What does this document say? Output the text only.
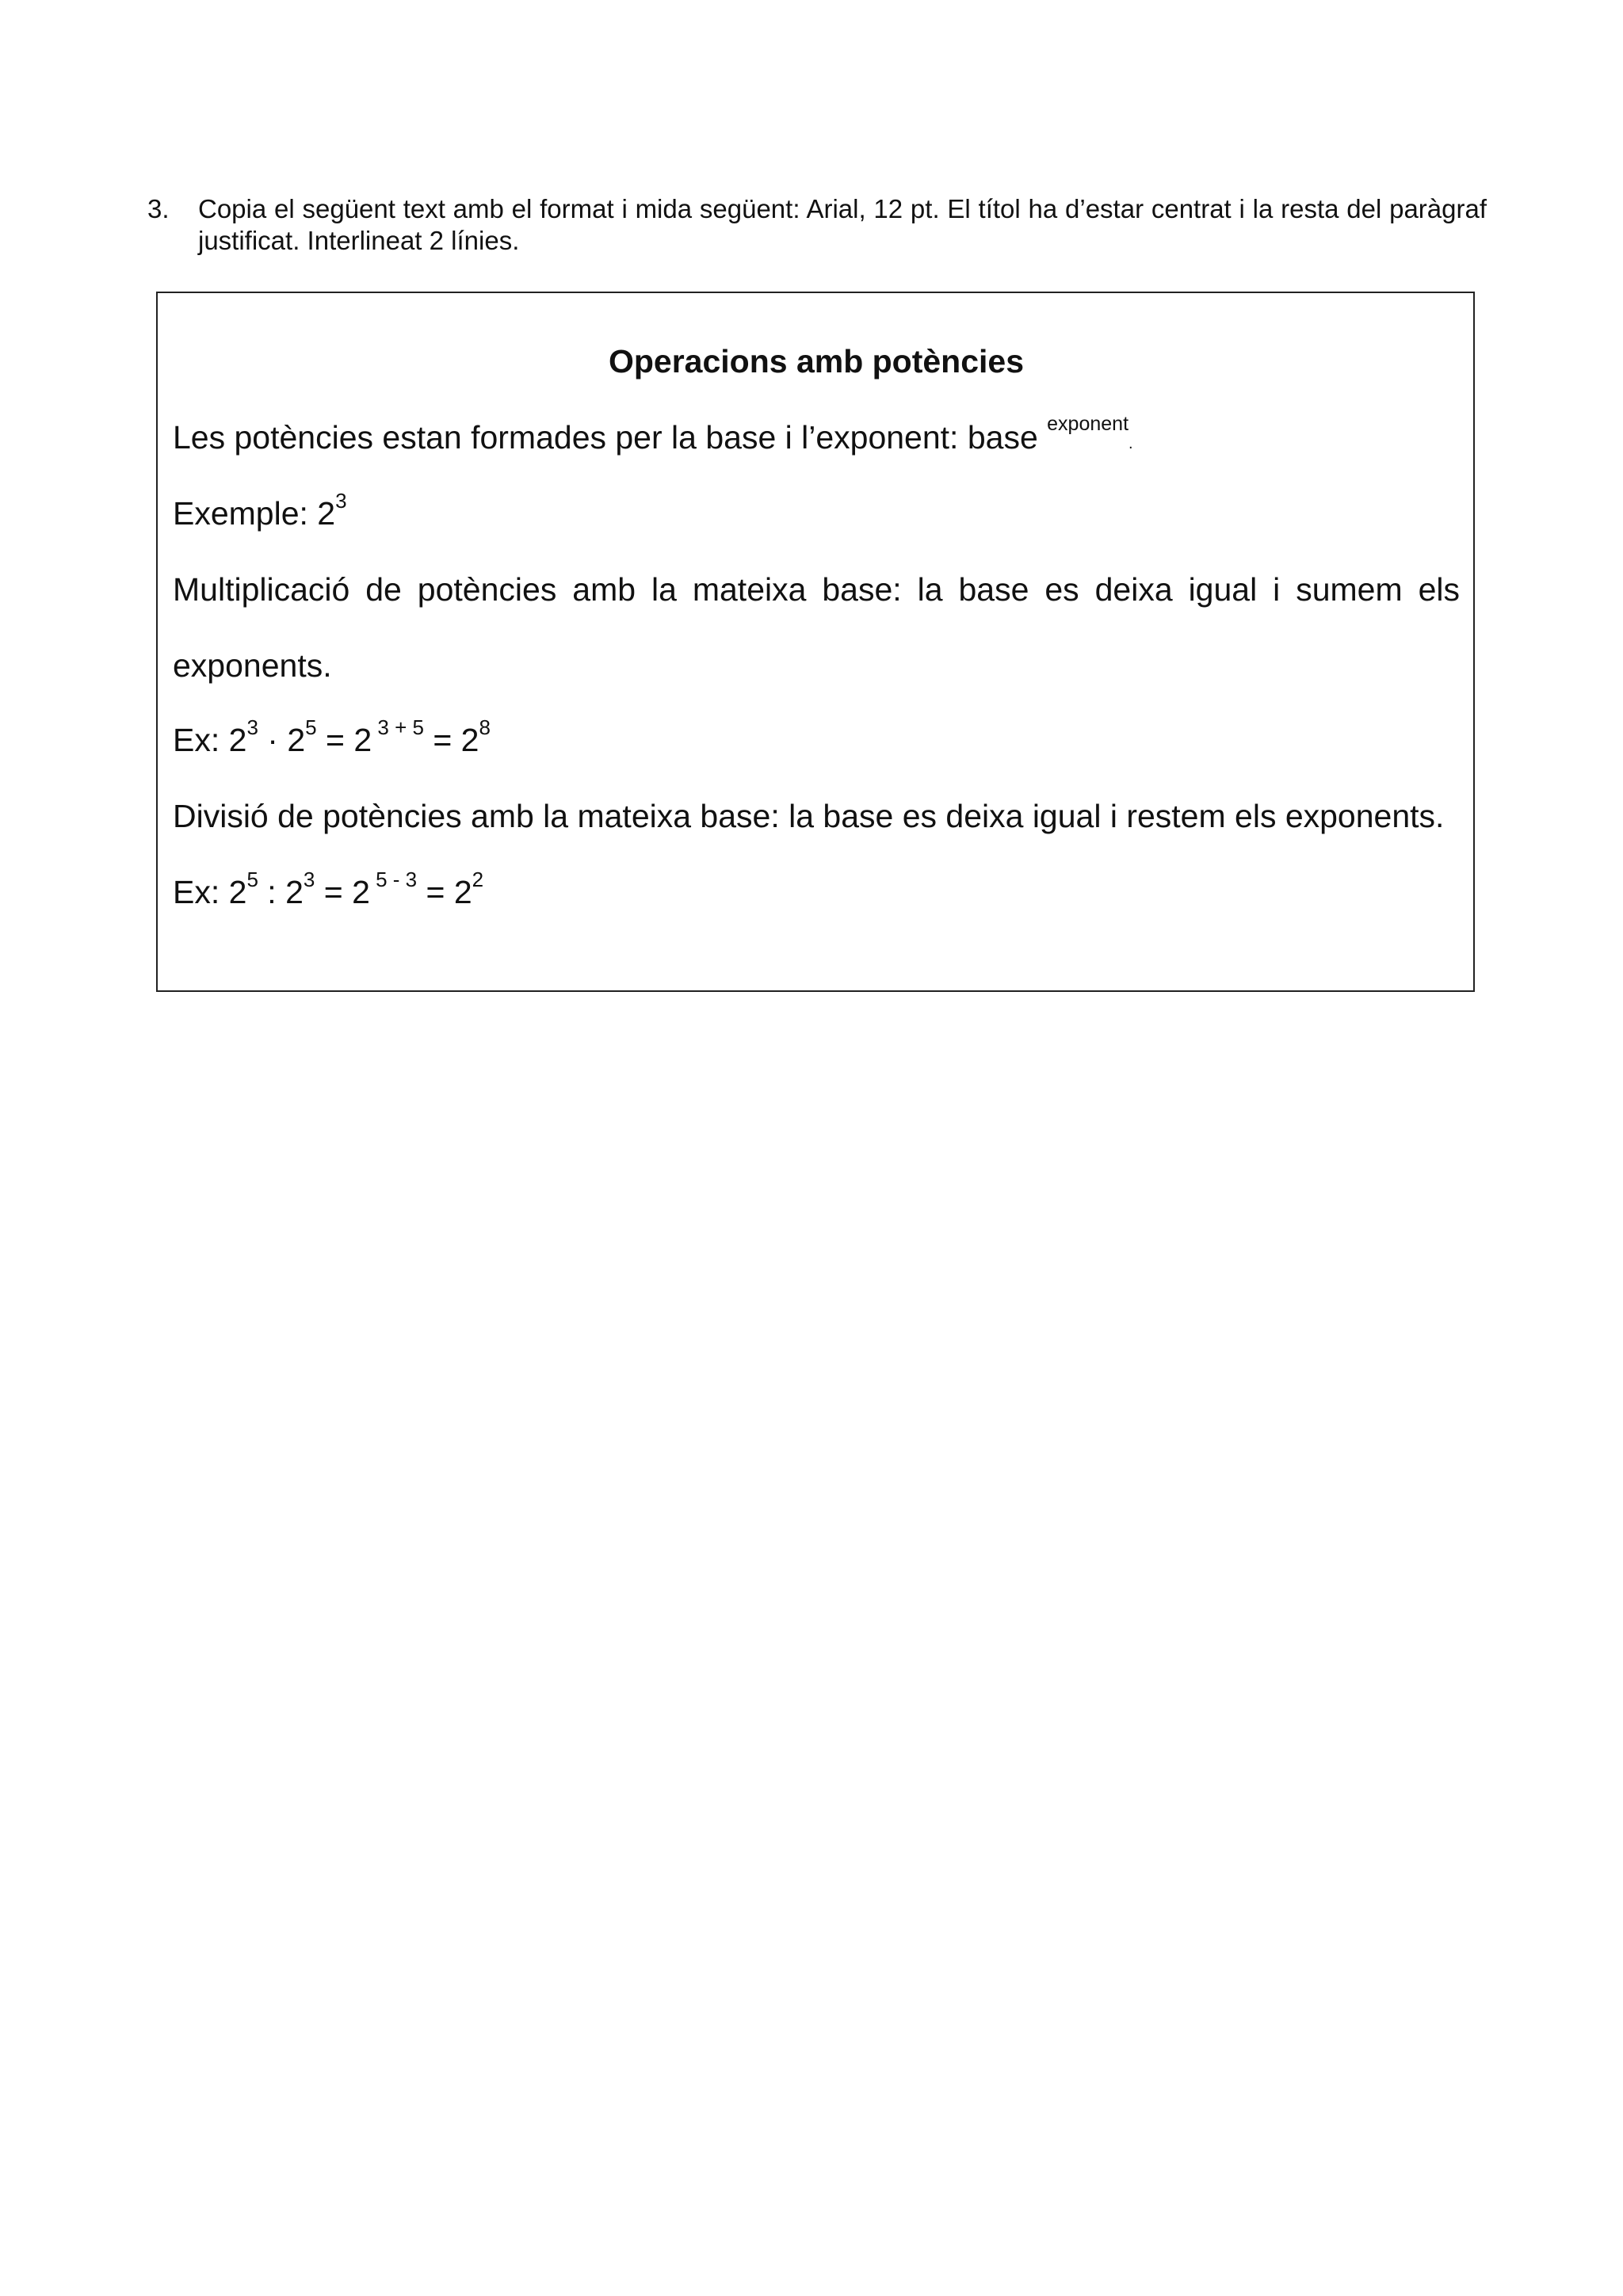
3. Copia el següent text amb el format i mida següent: Arial, 12 pt. El títol ha d’estar centrat i la resta del paràgraf justificat. Interlineat 2 línies.
Operacions amb potències
Les potències estan formades per la base i l’exponent: base $^{exponent}$.
Exemple: $2^3$
Multiplicació de potències amb la mateixa base: la base es deixa igual i sumem els
exponents.
Ex: $2^3 \cdot 2^5 = 2$ $^{3 + 5} = 2^8$
Divisió de potències amb la mateixa base: la base es deixa igual i restem els exponents.
Ex: $2^5$ : $2^3 = 2$ $^{5 - 3} = 2^2$
